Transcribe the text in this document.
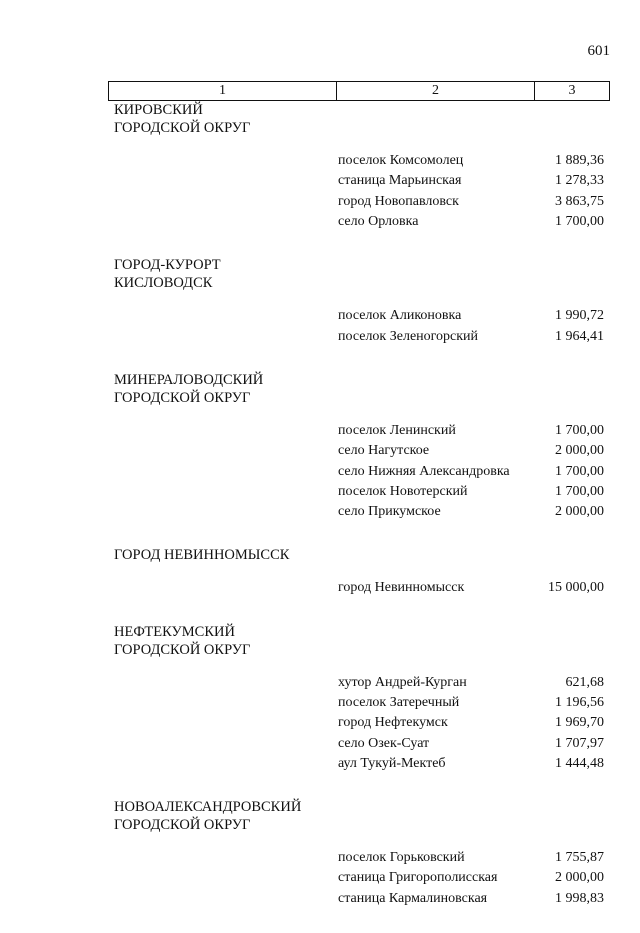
601
1	2	3
КИРОВСКИЙ
ГОРОДСКОЙ ОКРУГ
поселок Комсомолец	1 889,36
станица Марьинская	1 278,33
город Новопавловск	3 863,75
село Орловка	1 700,00
ГОРОД-КУРОРТ
КИСЛОВОДСК
поселок Аликоновка	1 990,72
поселок Зеленогорский	1 964,41
МИНЕРАЛОВОДСКИЙ
ГОРОДСКОЙ ОКРУГ
поселок Ленинский	1 700,00
село Нагутское	2 000,00
село Нижняя Александровка	1 700,00
поселок Новотерский	1 700,00
село Прикумское	2 000,00
ГОРОД НЕВИННОМЫССК
город Невинномысск	15 000,00
НЕФТЕКУМСКИЙ
ГОРОДСКОЙ ОКРУГ
хутор Андрей-Курган	621,68
поселок Затеречный	1 196,56
город Нефтекумск	1 969,70
село Озек-Суат	1 707,97
аул Тукуй-Мектеб	1 444,48
НОВОАЛЕКСАНДРОВСКИЙ
ГОРОДСКОЙ ОКРУГ
поселок Горьковский	1 755,87
станица Григорополисская	2 000,00
станица Кармалиновская	1 998,83
